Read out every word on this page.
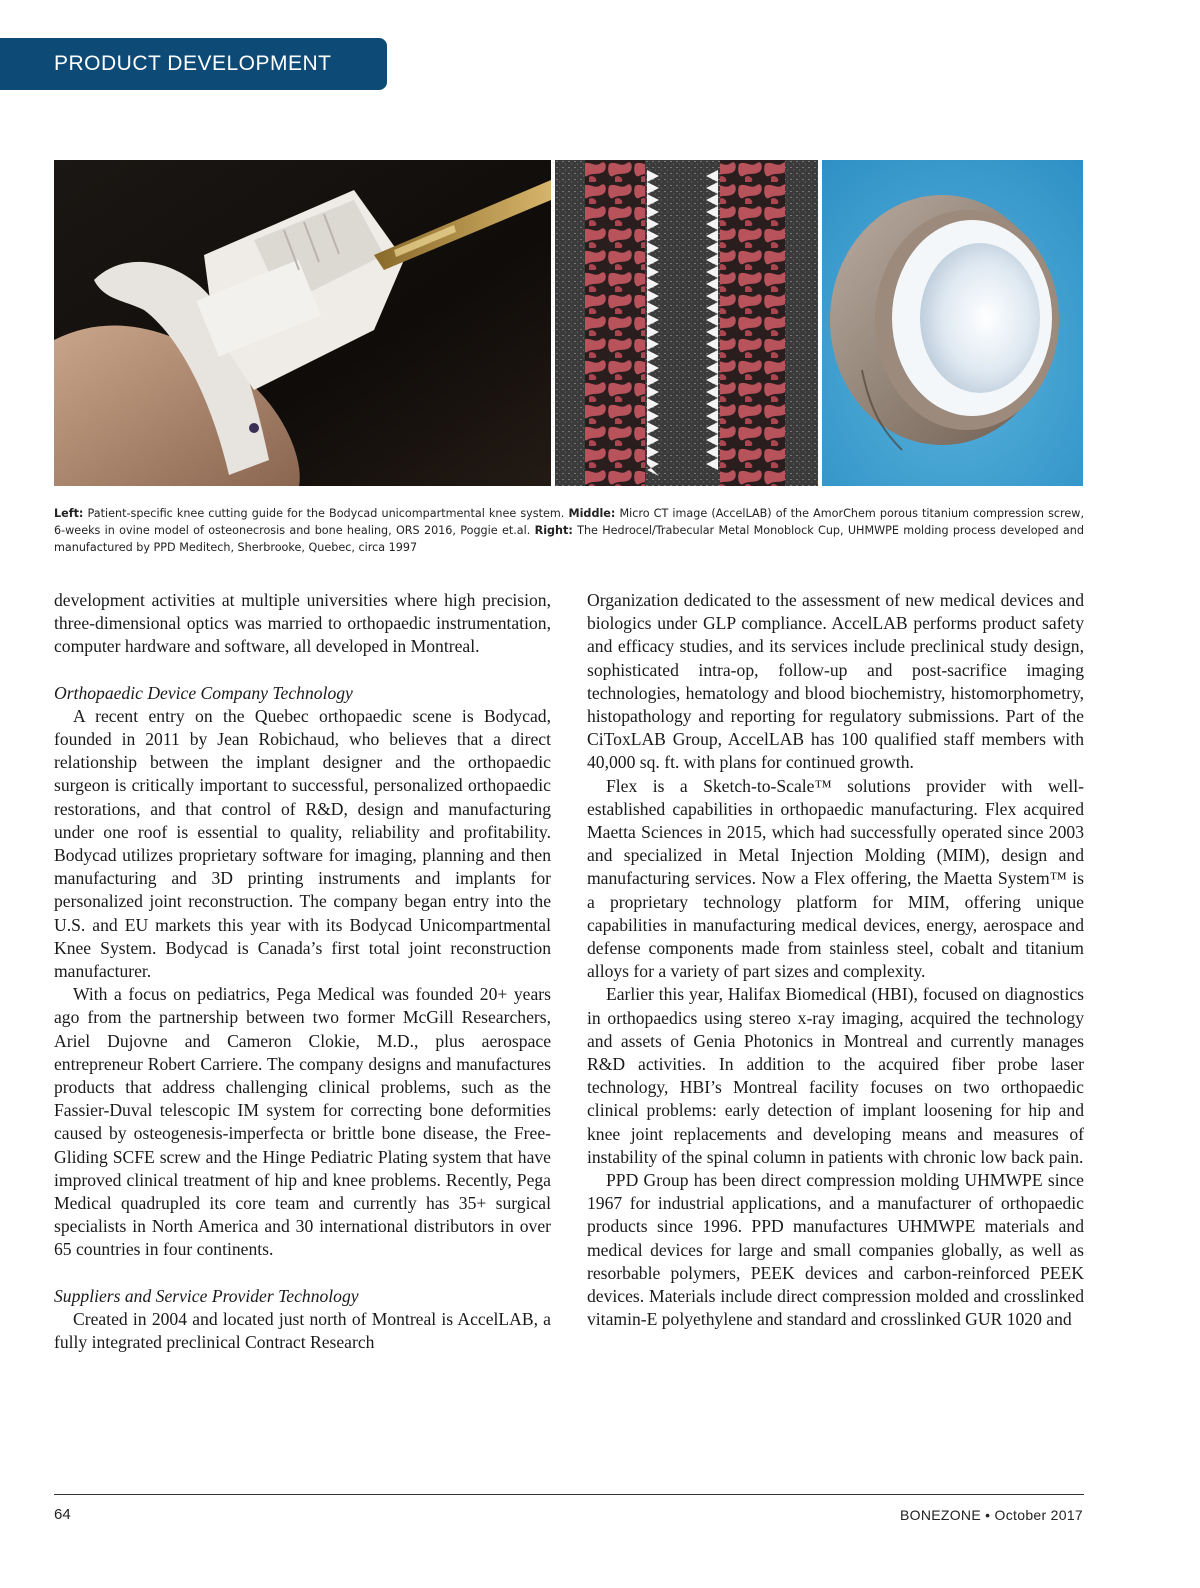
PRODUCT DEVELOPMENT
Left: Patient-specific knee cutting guide for the Bodycad unicompartmental knee system. Middle: Micro CT image (AccelLAB) of the AmorChem porous titanium compression screw, 6-weeks in ovine model of osteonecrosis and bone healing, ORS 2016, Poggie et.al. Right: The Hedrocel/Trabecular Metal Monoblock Cup, UHMWPE molding process developed and manufactured by PPD Meditech, Sherbrooke, Quebec, circa 1997

development activities at multiple universities where high precision, three-dimensional optics was married to orthopaedic instrumentation, computer hardware and software, all developed in Montreal.

Orthopaedic Device Company Technology

A recent entry on the Quebec orthopaedic scene is Bodycad, founded in 2011 by Jean Robichaud, who believes that a direct relationship between the implant designer and the orthopaedic surgeon is critically important to successful, personalized orthopaedic restorations, and that control of R&D, design and manufacturing under one roof is essential to quality, reliability and profitability. Bodycad utilizes proprietary software for imaging, planning and then manufacturing and 3D printing instruments and implants for personalized joint reconstruction. The company began entry into the U.S. and EU markets this year with its Bodycad Unicompartmental Knee System. Bodycad is Canada’s first total joint reconstruction manufacturer.

With a focus on pediatrics, Pega Medical was founded 20+ years ago from the partnership between two former McGill Researchers, Ariel Dujovne and Cameron Clokie, M.D., plus aerospace entrepreneur Robert Carriere. The company designs and manufactures products that address challenging clinical problems, such as the Fassier-Duval telescopic IM system for correcting bone deformities caused by osteogenesis-imperfecta or brittle bone disease, the Free-Gliding SCFE screw and the Hinge Pediatric Plating system that have improved clinical treatment of hip and knee problems. Recently, Pega Medical quadrupled its core team and currently has 35+ surgical specialists in North America and 30 international distributors in over 65 countries in four continents.

Suppliers and Service Provider Technology

Created in 2004 and located just north of Montreal is AccelLAB, a fully integrated preclinical Contract Research

Organization dedicated to the assessment of new medical devices and biologics under GLP compliance. AccelLAB performs product safety and efficacy studies, and its services include preclinical study design, sophisticated intra-op, follow-up and post-sacrifice imaging technologies, hematology and blood biochemistry, histomorphometry, histopathology and reporting for regulatory submissions. Part of the CiToxLAB Group, AccelLAB has 100 qualified staff members with 40,000 sq. ft. with plans for continued growth.

Flex is a Sketch-to-Scale™ solutions provider with well-established capabilities in orthopaedic manufacturing. Flex acquired Maetta Sciences in 2015, which had successfully operated since 2003 and specialized in Metal Injection Molding (MIM), design and manufacturing services. Now a Flex offering, the Maetta System™ is a proprietary technology platform for MIM, offering unique capabilities in manufacturing medical devices, energy, aerospace and defense components made from stainless steel, cobalt and titanium alloys for a variety of part sizes and complexity.

Earlier this year, Halifax Biomedical (HBI), focused on diagnostics in orthopaedics using stereo x-ray imaging, acquired the technology and assets of Genia Photonics in Montreal and currently manages R&D activities. In addition to the acquired fiber probe laser technology, HBI’s Montreal facility focuses on two orthopaedic clinical problems: early detection of implant loosening for hip and knee joint replacements and developing means and measures of instability of the spinal column in patients with chronic low back pain.

PPD Group has been direct compression molding UHMWPE since 1967 for industrial applications, and a manufacturer of orthopaedic products since 1996. PPD manufactures UHMWPE materials and medical devices for large and small companies globally, as well as resorbable polymers, PEEK devices and carbon-reinforced PEEK devices. Materials include direct compression molded and crosslinked vitamin-E polyethylene and standard and crosslinked GUR 1020 and

64	BONEZONE • October 2017
